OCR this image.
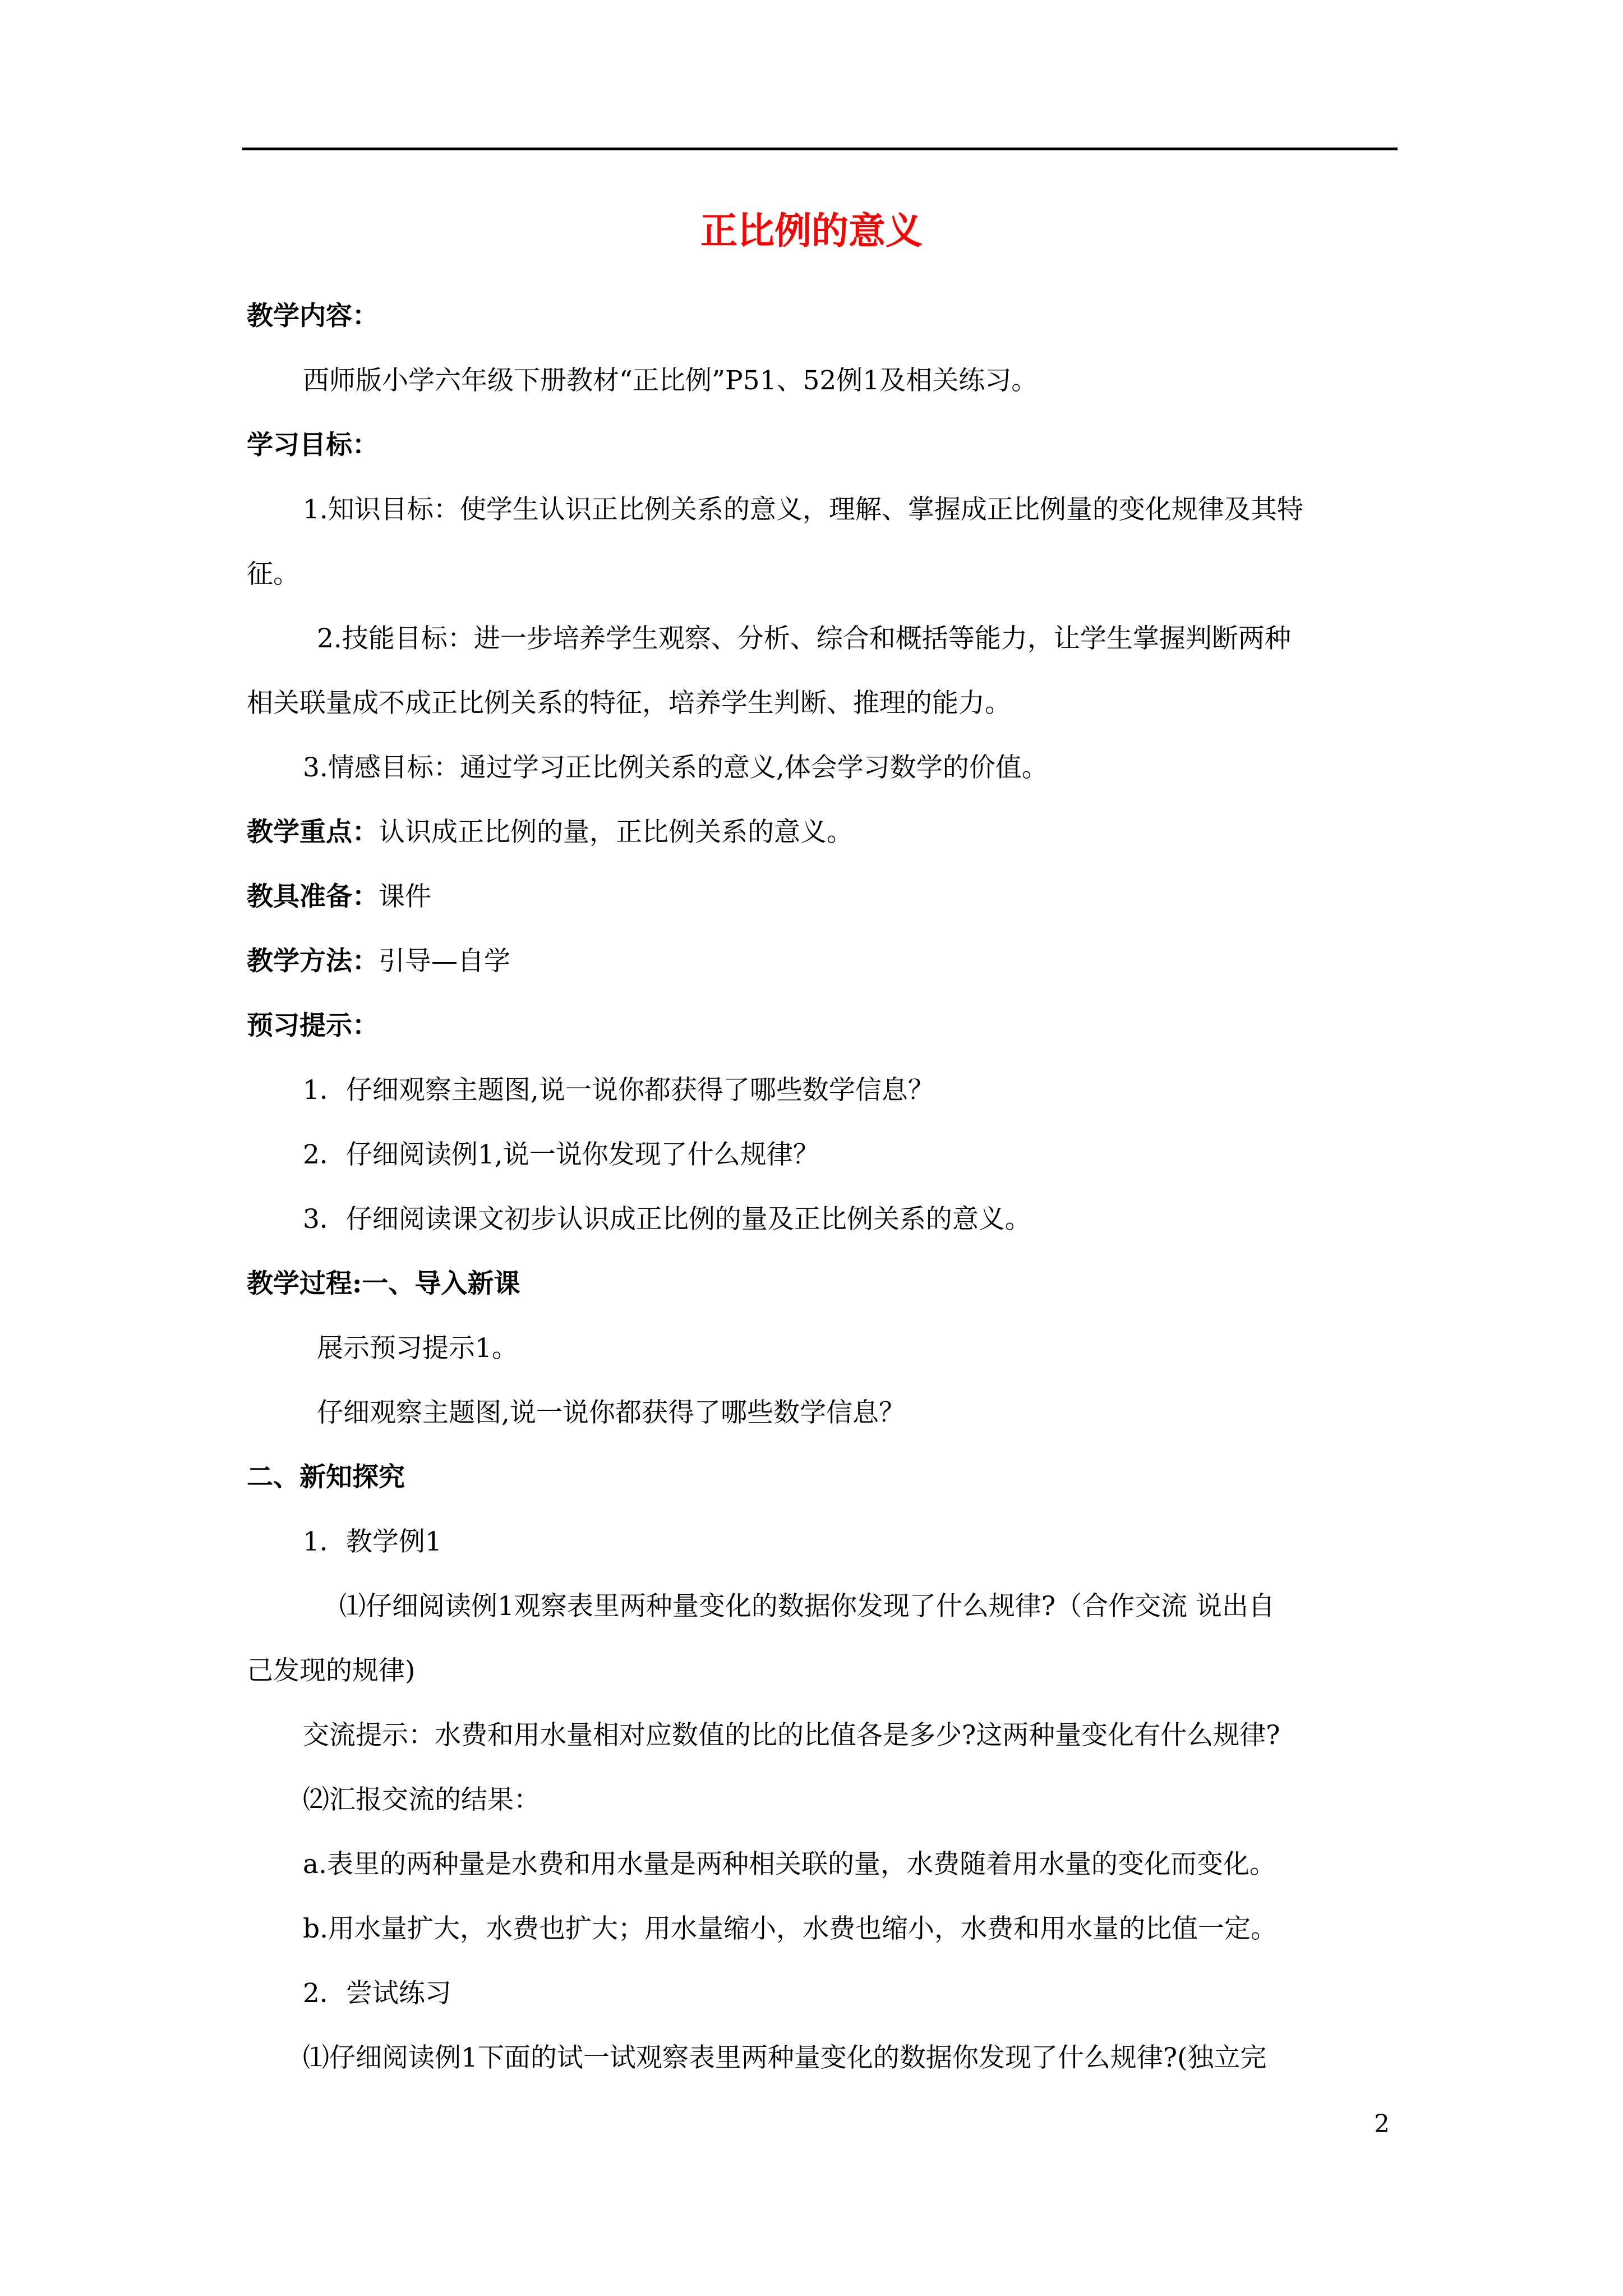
正比例的意义
教学内容：
西师版小学六年级下册教材“正比例”P51、52例1及相关练习。
学习目标：
1.知识目标：使学生认识正比例关系的意义，理解、掌握成正比例量的变化规律及其特
征。
2.技能目标：进一步培养学生观察、分析、综合和概括等能力，让学生掌握判断两种
相关联量成不成正比例关系的特征，培养学生判断、推理的能力。
3.情感目标：通过学习正比例关系的意义,体会学习数学的价值。
教学重点：认识成正比例的量，正比例关系的意义。
教具准备：课件
教学方法：引导—自学
预习提示：
1．仔细观察主题图,说一说你都获得了哪些数学信息？
2．仔细阅读例1,说一说你发现了什么规律？
3．仔细阅读课文初步认识成正比例的量及正比例关系的意义。
教学过程:一、导入新课
展示预习提示1。
仔细观察主题图,说一说你都获得了哪些数学信息？
二、新知探究
1．教学例1
⑴仔细阅读例1观察表里两种量变化的数据你发现了什么规律?（合作交流 说出自
己发现的规律)
交流提示：水费和用水量相对应数值的比的比值各是多少?这两种量变化有什么规律?
⑵汇报交流的结果：
a.表里的两种量是水费和用水量是两种相关联的量，水费随着用水量的变化而变化。
b.用水量扩大，水费也扩大；用水量缩小，水费也缩小，水费和用水量的比值一定。
2．尝试练习
⑴仔细阅读例1下面的试一试观察表里两种量变化的数据你发现了什么规律?(独立完
2
